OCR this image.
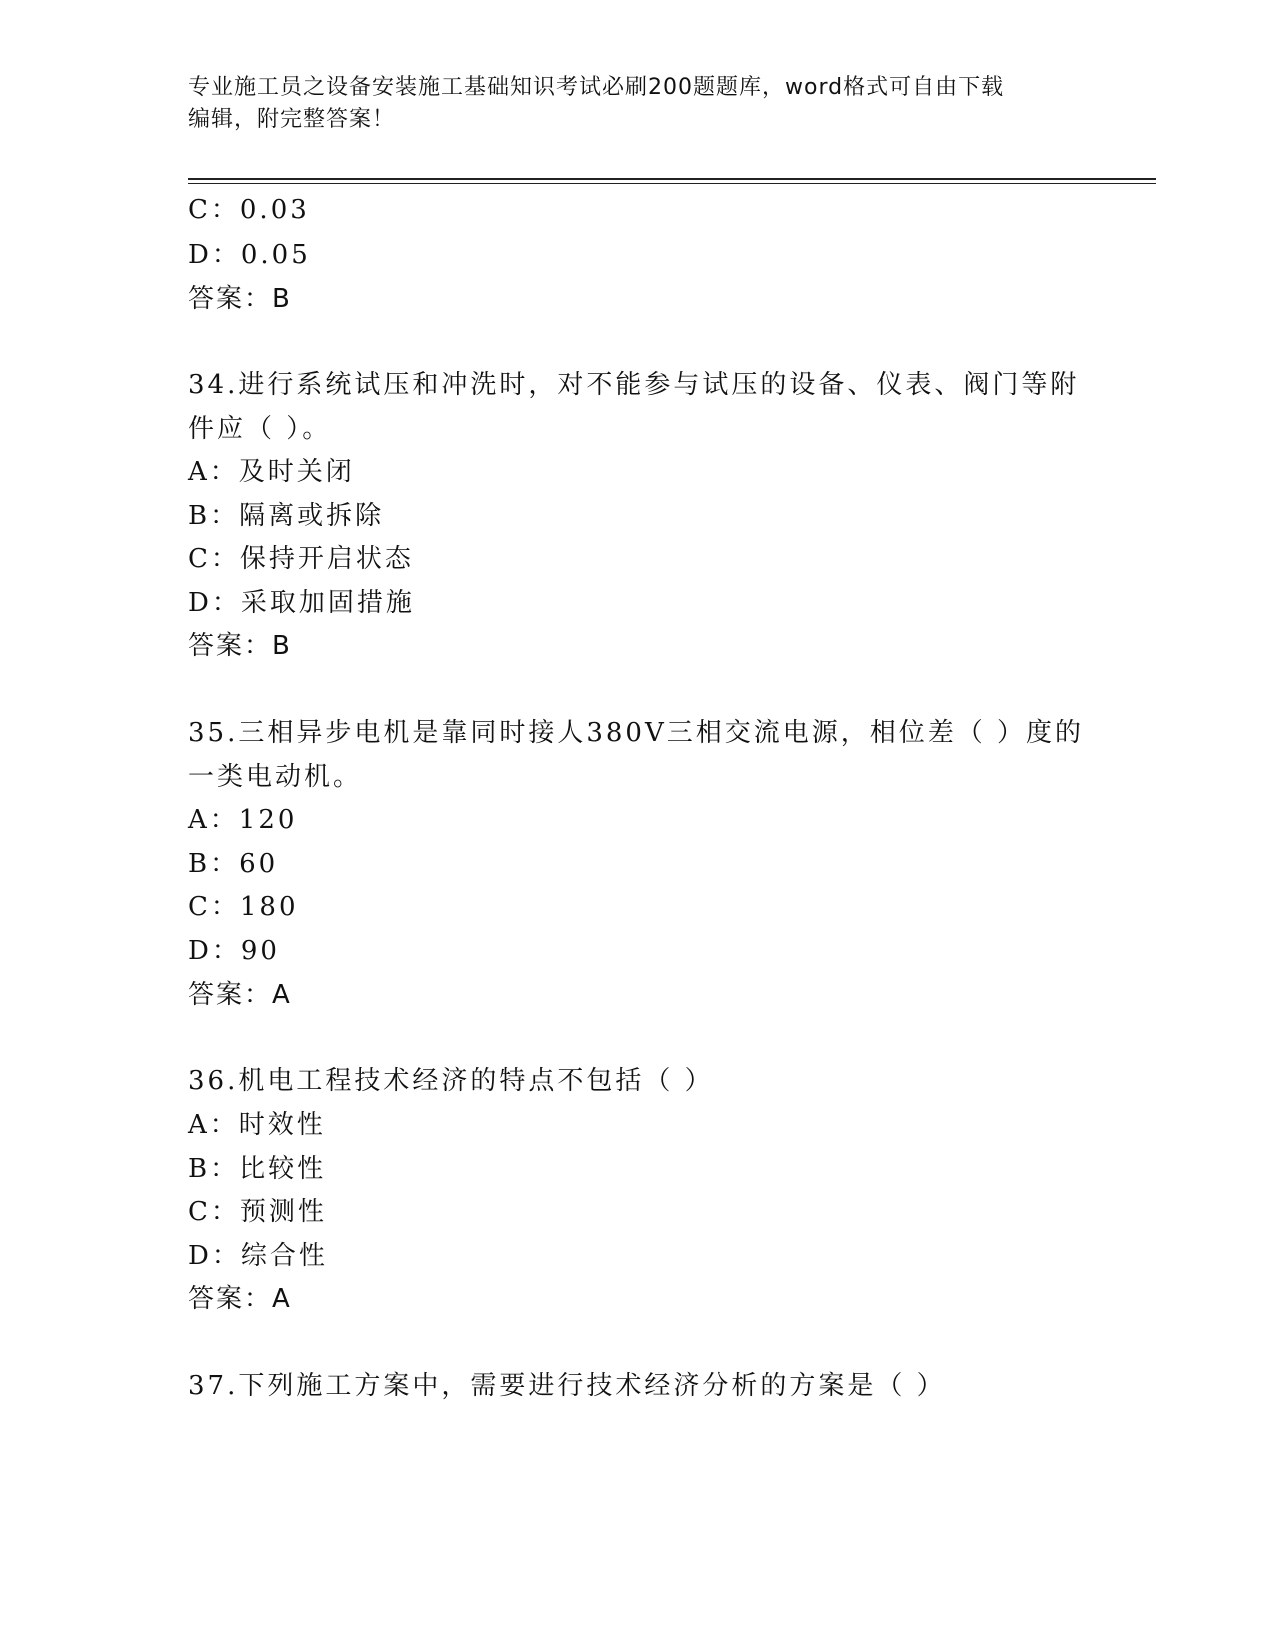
专业施工员之设备安装施工基础知识考试必刷200题题库，word格式可自由下载
编辑，附完整答案！
C：0.03
D：0.05
答案：B
34.进行系统试压和冲洗时，对不能参与试压的设备、仪表、阀门等附
件应（ ）。
A：及时关闭
B：隔离或拆除
C：保持开启状态
D：采取加固措施
答案：B
35.三相异步电机是靠同时接人380V三相交流电源，相位差（ ）度的
一类电动机。
A：120
B：60
C：180
D：90
答案：A
36.机电工程技术经济的特点不包括（ ）
A：时效性
B：比较性
C：预测性
D：综合性
答案：A
37.下列施工方案中，需要进行技术经济分析的方案是（ ）
